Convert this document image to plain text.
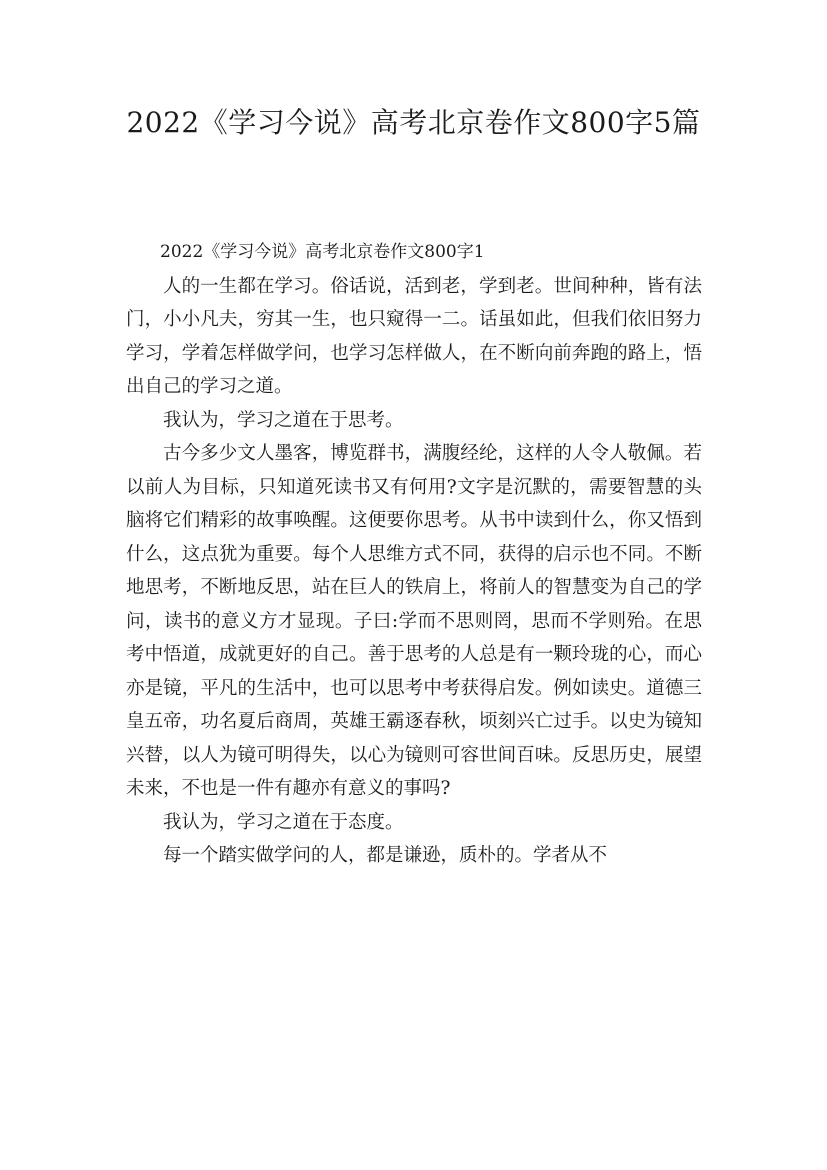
2022《学习今说》高考北京卷作文800字5篇

2022《学习今说》高考北京卷作文800字1

人的一生都在学习。俗话说，活到老，学到老。世间种种，皆有法门，小小凡夫，穷其一生，也只窥得一二。话虽如此，但我们依旧努力学习，学着怎样做学问，也学习怎样做人，在不断向前奔跑的路上，悟出自己的学习之道。

我认为，学习之道在于思考。

古今多少文人墨客，博览群书，满腹经纶，这样的人令人敬佩。若以前人为目标，只知道死读书又有何用?文字是沉默的，需要智慧的头脑将它们精彩的故事唤醒。这便要你思考。从书中读到什么，你又悟到什么，这点犹为重要。每个人思维方式不同，获得的启示也不同。不断地思考，不断地反思，站在巨人的铁肩上，将前人的智慧变为自己的学问，读书的意义方才显现。子曰:学而不思则罔，思而不学则殆。在思考中悟道，成就更好的自己。善于思考的人总是有一颗玲珑的心，而心亦是镜，平凡的生活中，也可以思考中考获得启发。例如读史。道德三皇五帝，功名夏后商周，英雄王霸逐春秋，顷刻兴亡过手。以史为镜知兴替，以人为镜可明得失，以心为镜则可容世间百味。反思历史，展望未来，不也是一件有趣亦有意义的事吗?

我认为，学习之道在于态度。

每一个踏实做学问的人，都是谦逊，质朴的。学者从不
